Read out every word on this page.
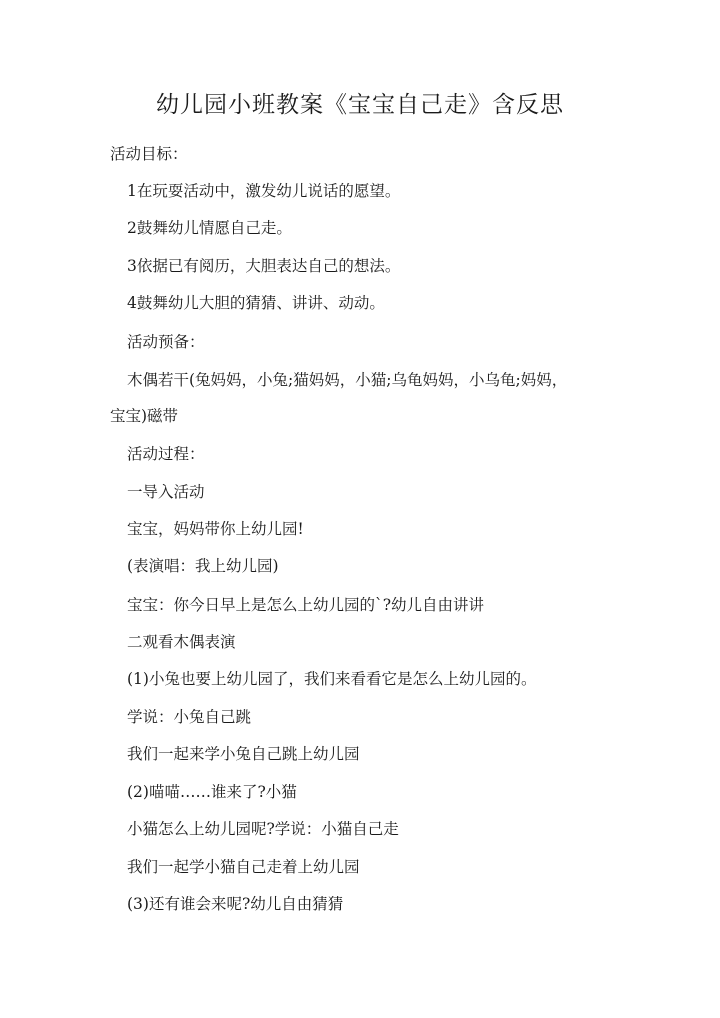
幼儿园小班教案《宝宝自己走》含反思
活动目标：
1在玩耍活动中，激发幼儿说话的愿望。
2鼓舞幼儿情愿自己走。
3依据已有阅历，大胆表达自己的想法。
4鼓舞幼儿大胆的猜猜、讲讲、动动。
活动预备：
木偶若干(兔妈妈，小兔;猫妈妈，小猫;乌龟妈妈，小乌龟;妈妈，
宝宝)磁带
活动过程：
一导入活动
宝宝，妈妈带你上幼儿园!
(表演唱：我上幼儿园)
宝宝：你今日早上是怎么上幼儿园的`?幼儿自由讲讲
二观看木偶表演
(1)小兔也要上幼儿园了，我们来看看它是怎么上幼儿园的。
学说：小兔自己跳
我们一起来学小兔自己跳上幼儿园
(2)喵喵……谁来了?小猫
小猫怎么上幼儿园呢?学说：小猫自己走
我们一起学小猫自己走着上幼儿园
(3)还有谁会来呢?幼儿自由猜猜
